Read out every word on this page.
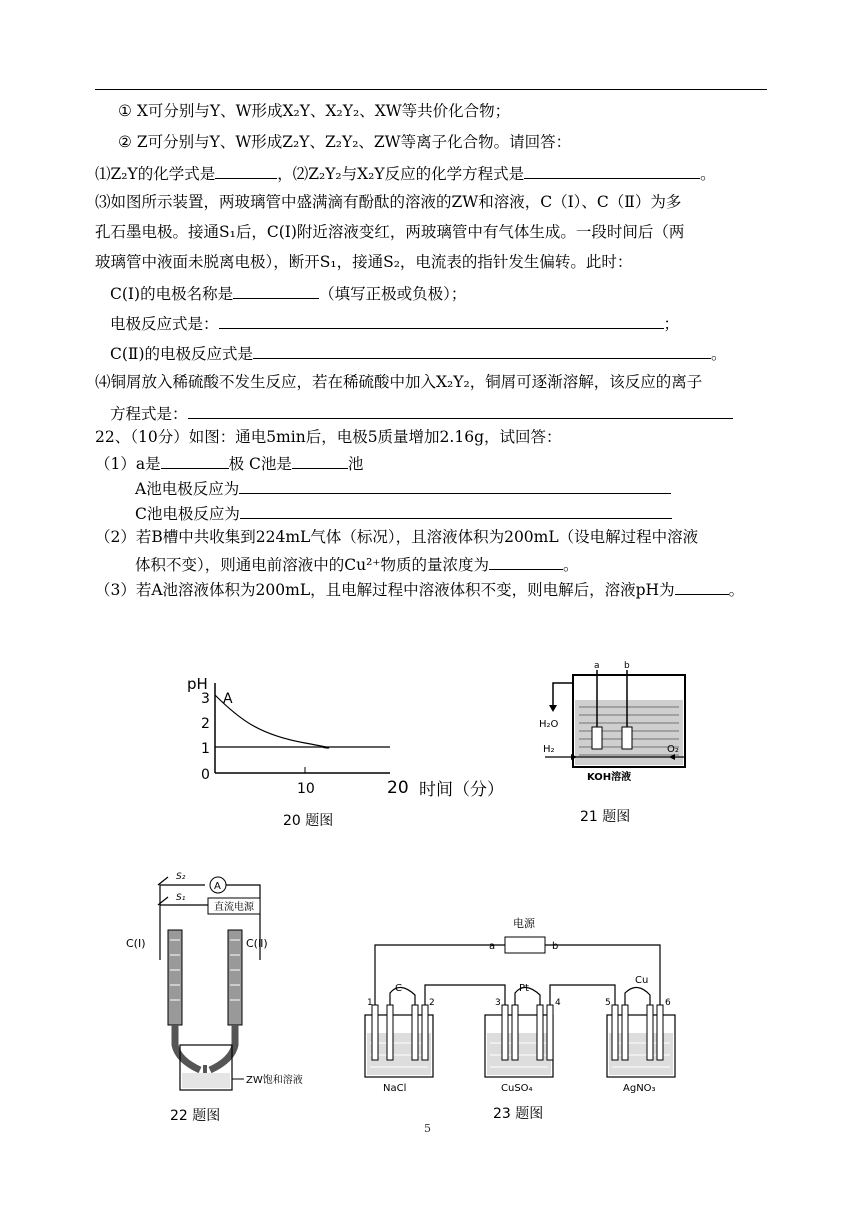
① X可分别与Y、W形成X₂Y、X₂Y₂、XW等共价化合物；
② Z可分别与Y、W形成Z₂Y、Z₂Y₂、ZW等离子化合物。请回答：
⑴Z₂Y的化学式是	，⑵Z₂Y₂与X₂Y反应的化学方程式是	。
⑶如图所示装置，两玻璃管中盛满滴有酚酞的溶液的ZW和溶液，C（Ⅰ）、C（Ⅱ）为多
孔石墨电极。接通S₁后，C(Ⅰ)附近溶液变红，两玻璃管中有气体生成。一段时间后（两
玻璃管中液面未脱离电极），断开S₁，接通S₂，电流表的指针发生偏转。此时：
C(Ⅰ)的电极名称是	（填写正极或负极）；
电极反应式是：	；
C(Ⅱ)的电极反应式是	。
⑷铜屑放入稀硫酸不发生反应，若在稀硫酸中加入X₂Y₂，铜屑可逐渐溶解，该反应的离子
方程式是：
22、（10分）如图：通电5min后，电极5质量增加2.16g，试回答：
（1）a是	极 C池是	池
A池电极反应为
C池电极反应为
（2）若B槽中共收集到224mL气体（标况），且溶液体积为200mL（设电解过程中溶液
体积不变），则通电前溶液中的Cu²⁺物质的量浓度为	。
（3）若A池溶液体积为200mL，且电解过程中溶液体积不变，则电解后，溶液pH为	。
pH
3
2
1
0
A
10	20 时间（分）
20 题图
a	b
H₂O
H₂	O₂
KOH溶液
21 题图
S₂
S₁
A
直流电源
C(Ⅰ)	C(Ⅱ)
ZW饱和溶液
22 题图
电源
a	b
C	Pt
Cu
1	2	3	4	5	6
NaCl	CuSO₄	AgNO₃
23 题图
5
